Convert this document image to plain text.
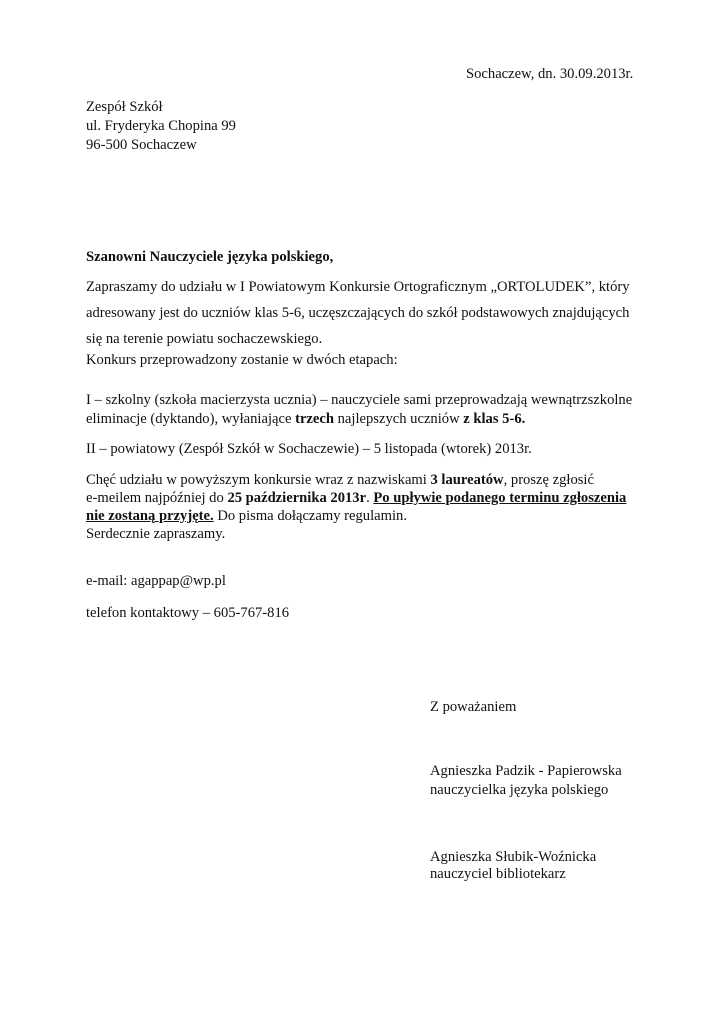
Sochaczew, dn. 30.09.2013r.
Zespół Szkół
ul. Fryderyka Chopina 99
96-500 Sochaczew
Szanowni Nauczyciele języka polskiego,
Zapraszamy do udziału w I Powiatowym Konkursie Ortograficznym „ORTOLUDEK”, który
adresowany jest do uczniów klas 5-6, uczęszczających do szkół podstawowych znajdujących
się na terenie powiatu sochaczewskiego.
Konkurs przeprowadzony zostanie w dwóch etapach:
I – szkolny (szkoła macierzysta ucznia) – nauczyciele sami przeprowadzają wewnątrzszkolne
eliminacje (dyktando), wyłaniające trzech najlepszych uczniów z klas 5-6.
II – powiatowy (Zespół Szkół w Sochaczewie) – 5 listopada (wtorek) 2013r.
Chęć udziału w powyższym konkursie wraz z nazwiskami 3 laureatów, proszę zgłosić
e-meilem najpóźniej do 25 października 2013r. Po upływie podanego terminu zgłoszenia
nie zostaną przyjęte. Do pisma dołączamy regulamin.
Serdecznie zapraszamy.
e-mail: agappap@wp.pl
telefon kontaktowy – 605-767-816
Z poważaniem
Agnieszka Padzik - Papierowska
nauczycielka języka polskiego
Agnieszka Słubik-Woźnicka
nauczyciel bibliotekarz
